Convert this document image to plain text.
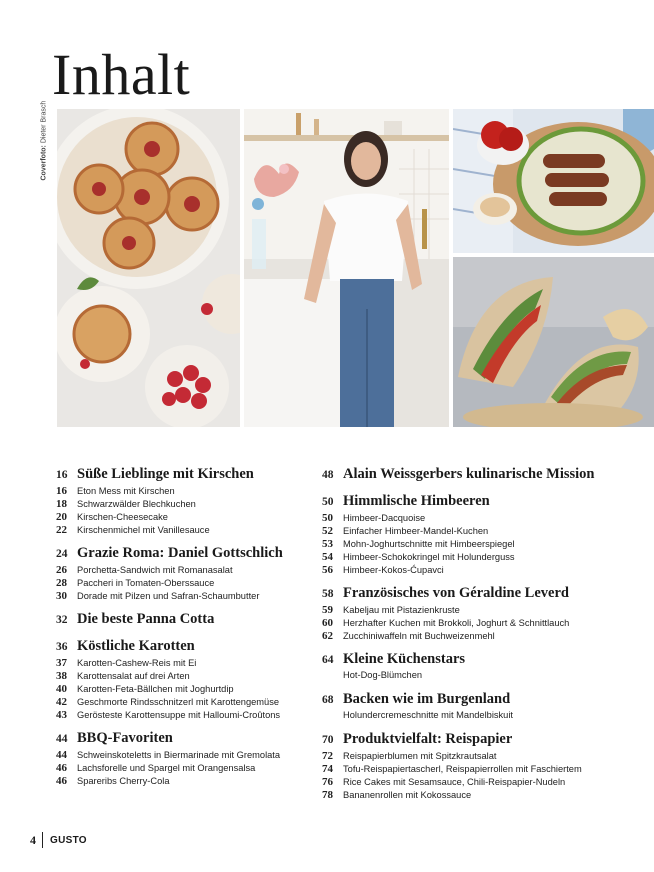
Inhalt
Coverfoto: Dieter Brasch
16 Süße Lieblinge mit Kirschen
16	Eton Mess mit Kirschen
18	Schwarzwälder Blechkuchen
20	Kirschen-Cheesecake
22	Kirschenmichel mit Vanillesauce
24 Grazie Roma: Daniel Gottschlich
26	Porchetta-Sandwich mit Romanasalat
28	Paccheri in Tomaten-Oberssauce
30	Dorade mit Pilzen und Safran-Schaumbutter
32 Die beste Panna Cotta
36 Köstliche Karotten
37	Karotten-Cashew-Reis mit Ei
38	Karottensalat auf drei Arten
40	Karotten-Feta-Bällchen mit Joghurtdip
42	Geschmorte Rindsschnitzerl mit Karottengemüse
43	Gerösteste Karottensuppe mit Halloumi-Croûtons
44 BBQ-Favoriten
44	Schweinskoteletts in Biermarinade mit Gremolata
46	Lachsforelle und Spargel mit Orangensalsa
46	Spareribs Cherry-Cola
48 Alain Weissgerbers kulinarische Mission
50 Himmlische Himbeeren
50	Himbeer-Dacquoise
52	Einfacher Himbeer-Mandel-Kuchen
53	Mohn-Joghurtschnitte mit Himbeerspiegel
54	Himbeer-Schokokringel mit Holunderguss
56	Himbeer-Kokos-Ćupavci
58 Französisches von Géraldine Leverd
59	Kabeljau mit Pistazienkruste
60	Herzhafter Kuchen mit Brokkoli, Joghurt & Schnittlauch
62	Zucchiniwaffeln mit Buchweizenmehl
64 Kleine Küchenstars
Hot-Dog-Blümchen
68 Backen wie im Burgenland
Holundercremeschnitte mit Mandelbiskuit
70 Produktvielfalt: Reispapier
72	Reispapierblumen mit Spitzkrautsalat
74	Tofu-Reispapiertascherl, Reispapierrollen mit Faschiertem
76	Rice Cakes mit Sesamsauce, Chili-Reispapier-Nudeln
78	Bananenrollen mit Kokossauce
4 GUSTO
